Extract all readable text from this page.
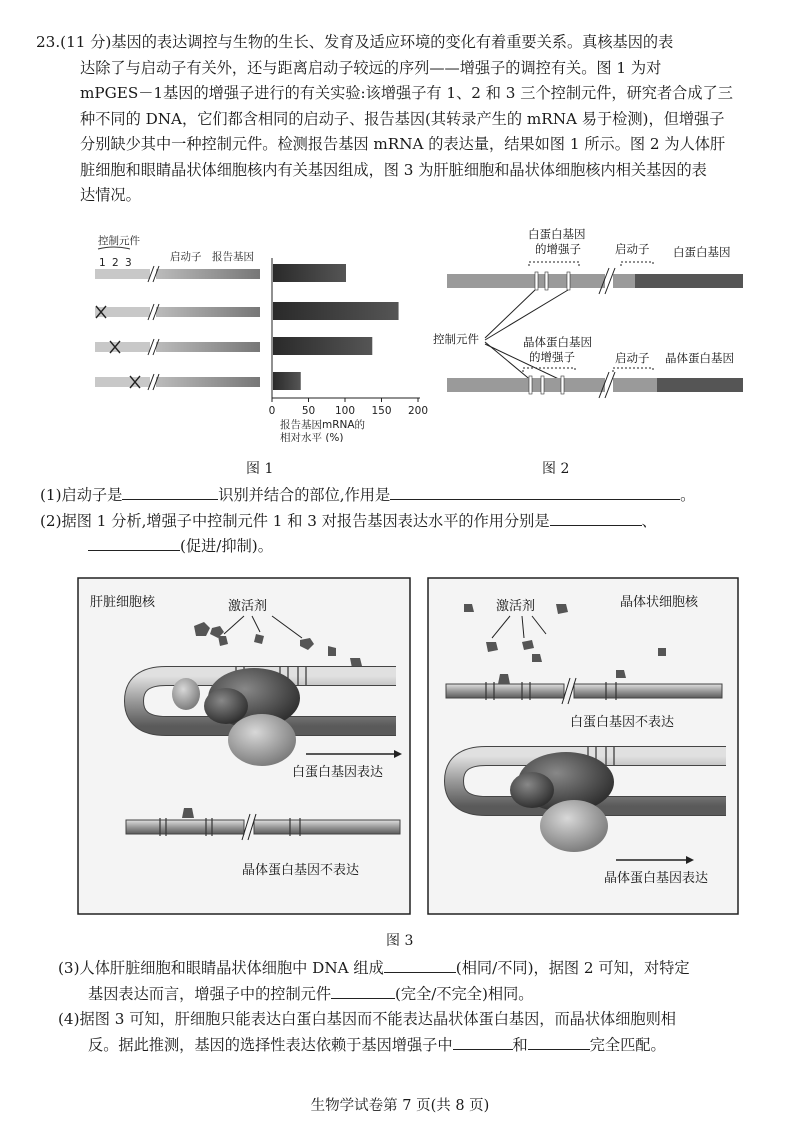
23.(11 分)基因的表达调控与生物的生长、发育及适应环境的变化有着重要关系。真核基因的表
达除了与启动子有关外，还与距离启动子较远的序列——增强子的调控有关。图 1 为对
mPGES－1基因的增强子进行的有关实验:该增强子有 1、2 和 3 三个控制元件，研究者合成了三
种不同的 DNA，它们都含相同的启动子、报告基因(其转录产生的 mRNA 易于检测)，但增强子
分别缺少其中一种控制元件。检测报告基因 mRNA 的表达量，结果如图 1 所示。图 2 为人体肝
脏细胞和眼睛晶状体细胞核内有关基因组成，图 3 为肝脏细胞和晶状体细胞核内相关基因的表
达情况。
控制元件
1 2 3	启动子 报告基因
0	50 100 150 200
报告基因mRNA的
相对水平 (%)
图 1
白蛋白基因
的增强子	启动子 白蛋白基因
控制元件	晶体蛋白基因
的增强子	启动子 晶体蛋白基因
图 2
(1)启动子是	识别并结合的部位,作用是	。
(2)据图 1 分析,增强子中控制元件 1 和 3 对报告基因表达水平的作用分别是	、
(促进/抑制)。
肝脏细胞核	激活剂
白蛋白基因表达
晶体蛋白基因不表达
晶体状细胞核
激活剂
白蛋白基因不表达
晶体蛋白基因表达
图 3
(3)人体肝脏细胞和眼睛晶状体细胞中 DNA 组成	(相同/不同)，据图 2 可知，对特定
基因表达而言，增强子中的控制元件	(完全/不完全)相同。
(4)据图 3 可知，肝细胞只能表达白蛋白基因而不能表达晶状体蛋白基因，而晶状体细胞则相
反。据此推测，基因的选择性表达依赖于基因增强子中	和	完全匹配。
生物学试卷第 7 页(共 8 页)
